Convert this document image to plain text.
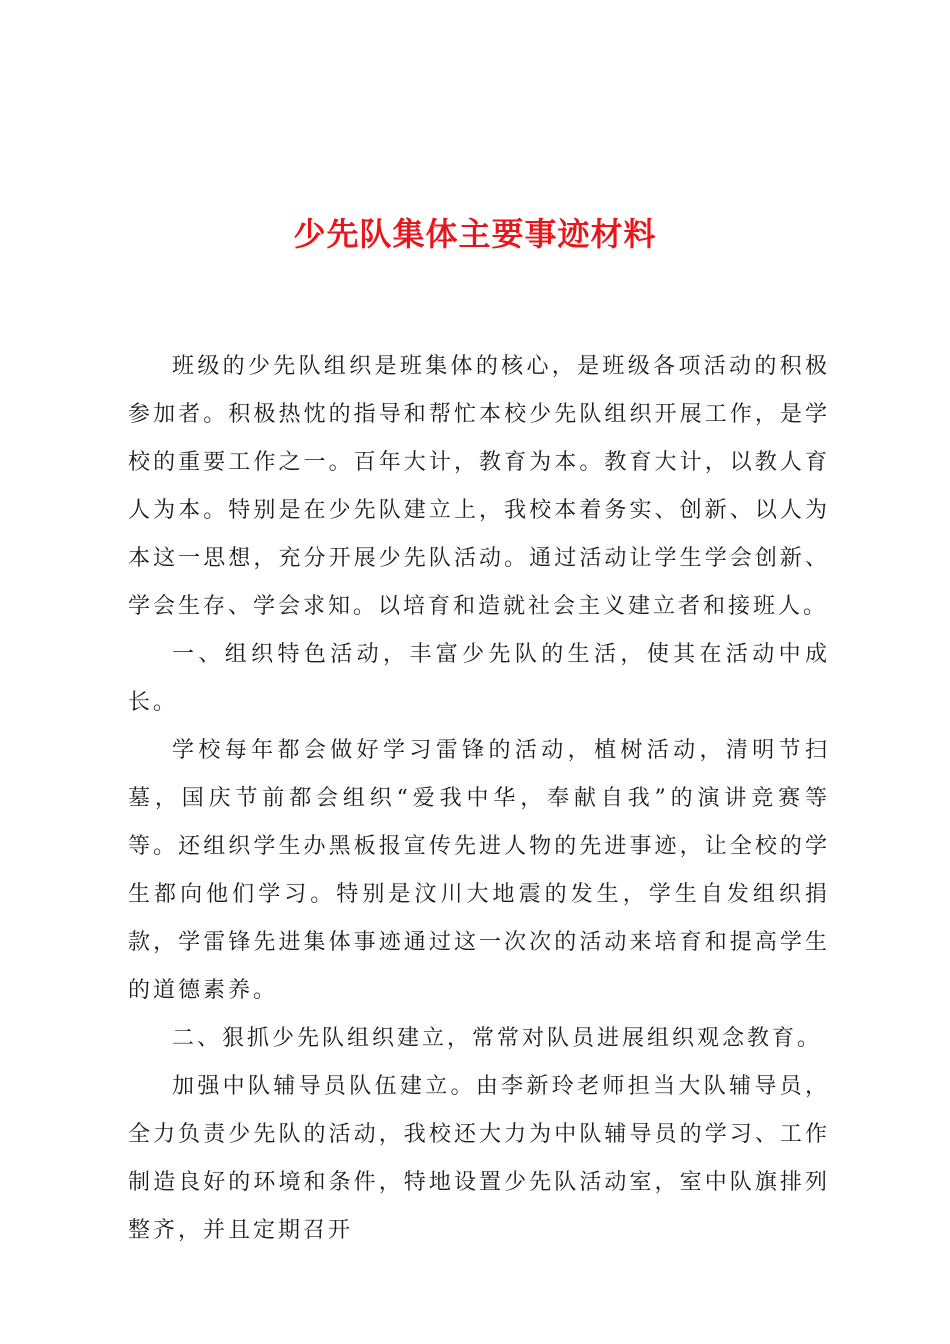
少先队集体主要事迹材料

班级的少先队组织是班集体的核心，是班级各项活动的积极参加者。积极热忱的指导和帮忙本校少先队组织开展工作，是学校的重要工作之一。百年大计，教育为本。教育大计，以教人育人为本。特别是在少先队建立上，我校本着务实、创新、以人为本这一思想，充分开展少先队活动。通过活动让学生学会创新、学会生存、学会求知。以培育和造就社会主义建立者和接班人。

一、组织特色活动，丰富少先队的生活，使其在活动中成长。

学校每年都会做好学习雷锋的活动，植树活动，清明节扫墓，国庆节前都会组织“爱我中华，奉献自我”的演讲竞赛等等。还组织学生办黑板报宣传先进人物的先进事迹，让全校的学生都向他们学习。特别是汶川大地震的发生，学生自发组织捐款，学雷锋先进集体事迹通过这一次次的活动来培育和提高学生的道德素养。

二、狠抓少先队组织建立，常常对队员进展组织观念教育。

加强中队辅导员队伍建立。由李新玲老师担当大队辅导员，全力负责少先队的活动，我校还大力为中队辅导员的学习、工作制造良好的环境和条件，特地设置少先队活动室，室中队旗排列整齐，并且定期召开
